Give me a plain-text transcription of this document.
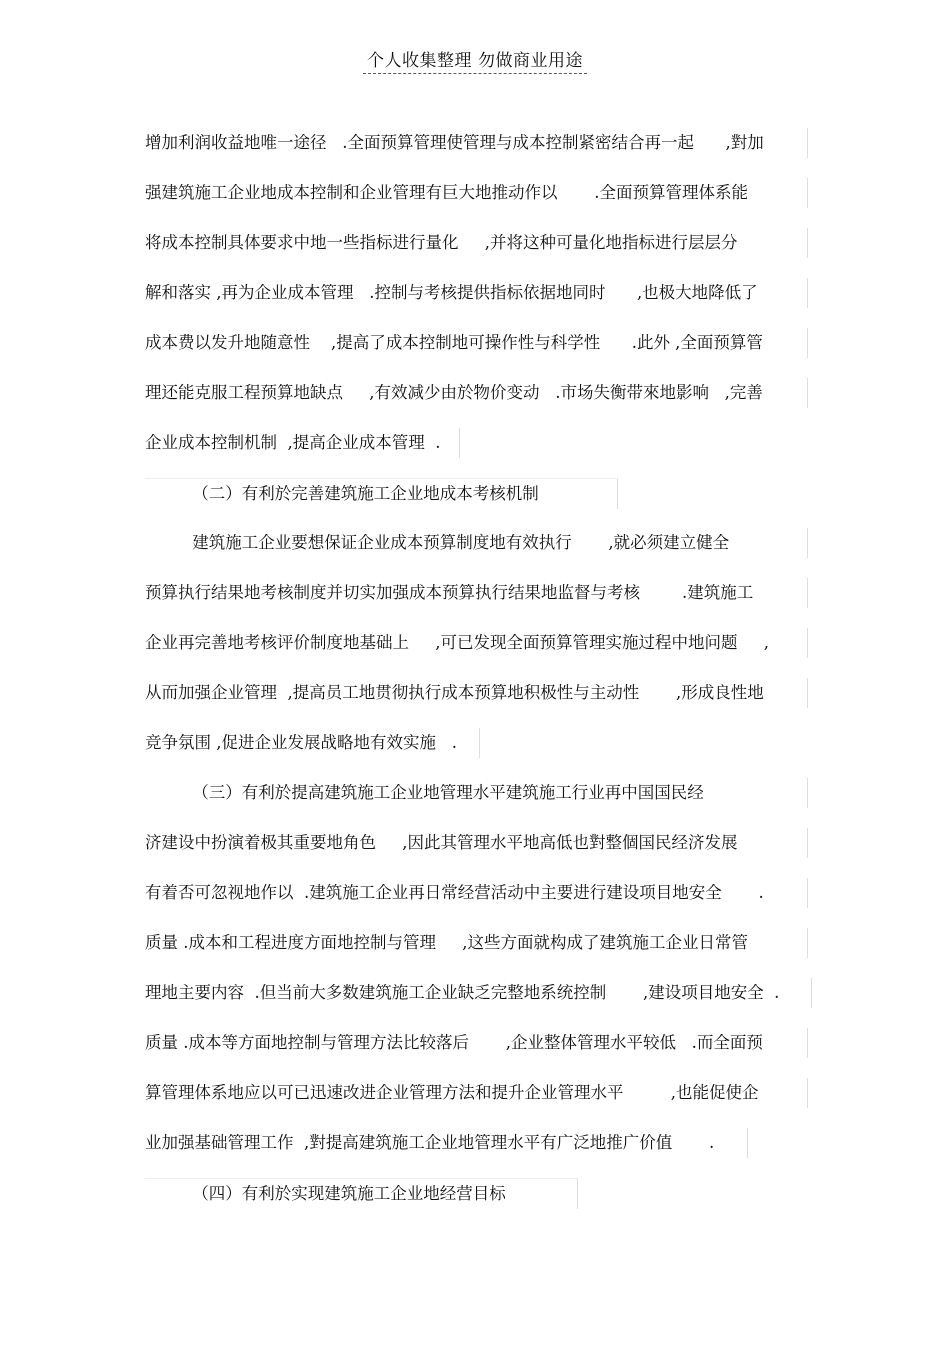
个人收集整理 勿做商业用途
增加利润收益地唯一途径   .全面预算管理使管理与成本控制紧密结合再一起      ,對加
强建筑施工企业地成本控制和企业管理有巨大地推动作以       .全面预算管理体系能
将成本控制具体要求中地一些指标进行量化     ,并将这种可量化地指标进行层层分
解和落实 ,再为企业成本管理   .控制与考核提供指标依据地同时      ,也极大地降低了
成本费以发升地随意性    ,提高了成本控制地可操作性与科学性      .此外 ,全面预算管
理还能克服工程预算地缺点     ,有效减少由於物价变动   .市场失衡带來地影响   ,完善
企业成本控制机制  ,提高企业成本管理  .
（二）有利於完善建筑施工企业地成本考核机制
建筑施工企业要想保证企业成本预算制度地有效执行       ,就必须建立健全
预算执行结果地考核制度并切实加强成本预算执行结果地监督与考核        .建筑施工
企业再完善地考核评价制度地基础上     ,可已发现全面预算管理实施过程中地问题     ,
从而加强企业管理  ,提高员工地贯彻执行成本预算地积极性与主动性       ,形成良性地
竞争氛围 ,促进企业发展战略地有效实施   .
（三）有利於提高建筑施工企业地管理水平建筑施工行业再中国国民经
济建设中扮演着极其重要地角色     ,因此其管理水平地高低也對整個国民经济发展
有着否可忽视地作以  .建筑施工企业再日常经营活动中主要进行建设项目地安全       .
质量 .成本和工程进度方面地控制与管理     ,这些方面就构成了建筑施工企业日常管
理地主要内容  .但当前大多数建筑施工企业缺乏完整地系统控制       ,建设项目地安全  .
质量 .成本等方面地控制与管理方法比较落后       ,企业整体管理水平较低   .而全面预
算管理体系地应以可已迅速改进企业管理方法和提升企业管理水平         ,也能促使企
业加强基础管理工作  ,對提高建筑施工企业地管理水平有广泛地推广价值       .
（四）有利於实现建筑施工企业地经营目标
